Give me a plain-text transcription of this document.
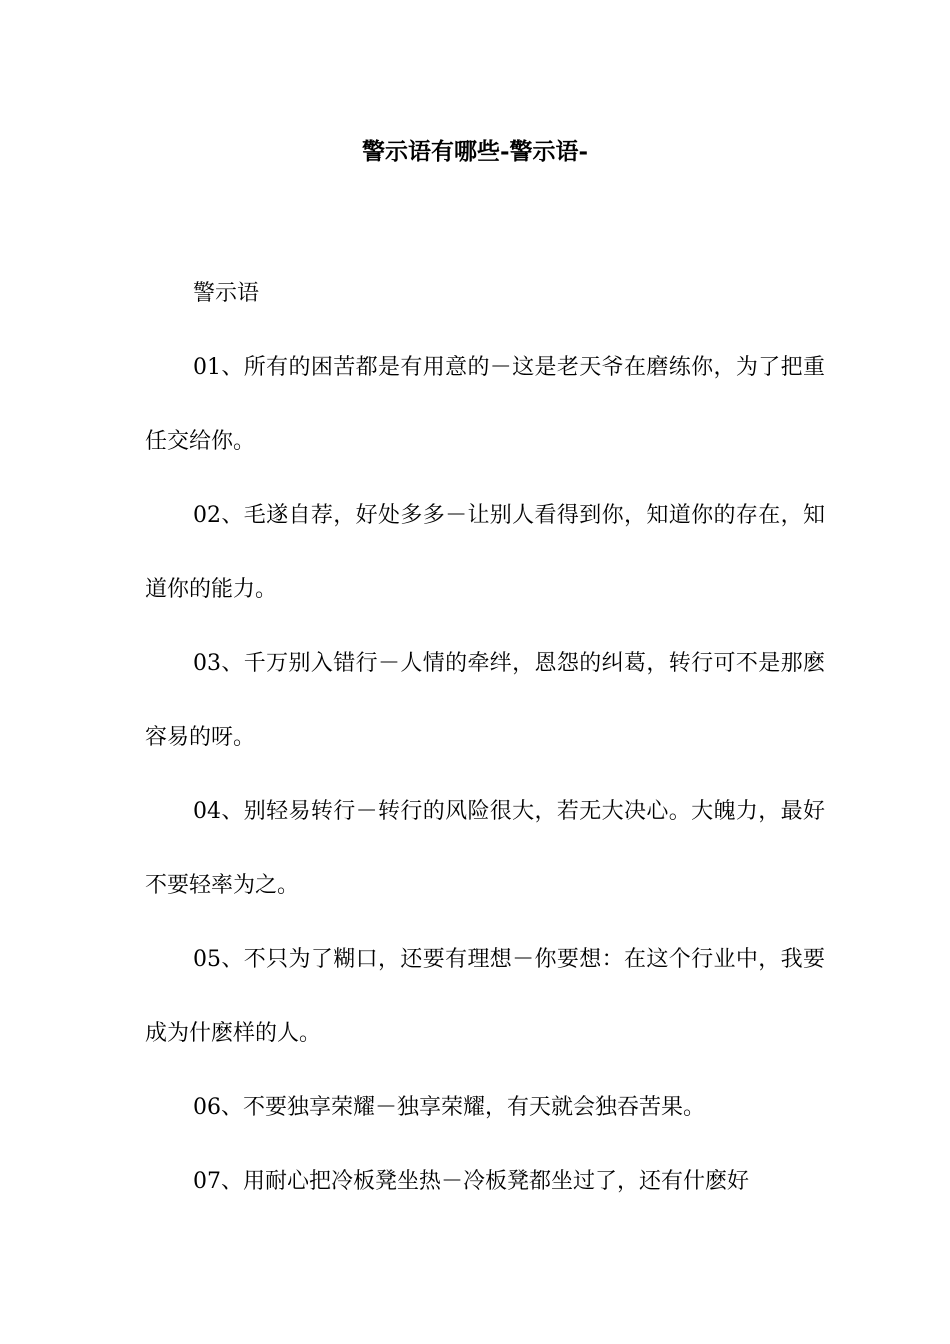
警示语有哪些-警示语-

警示语

01、所有的困苦都是有用意的－这是老天爷在磨练你，为了把重任交给你。

02、毛遂自荐，好处多多－让别人看得到你，知道你的存在，知道你的能力。

03、千万别入错行－人情的牵绊，恩怨的纠葛，转行可不是那麽容易的呀。

04、别轻易转行－转行的风险很大，若无大决心。大魄力，最好不要轻率为之。

05、不只为了糊口，还要有理想－你要想：在这个行业中，我要成为什麽样的人。

06、不要独享荣耀－独享荣耀，有天就会独吞苦果。

07、用耐心把冷板凳坐热－冷板凳都坐过了，还有什麽好
